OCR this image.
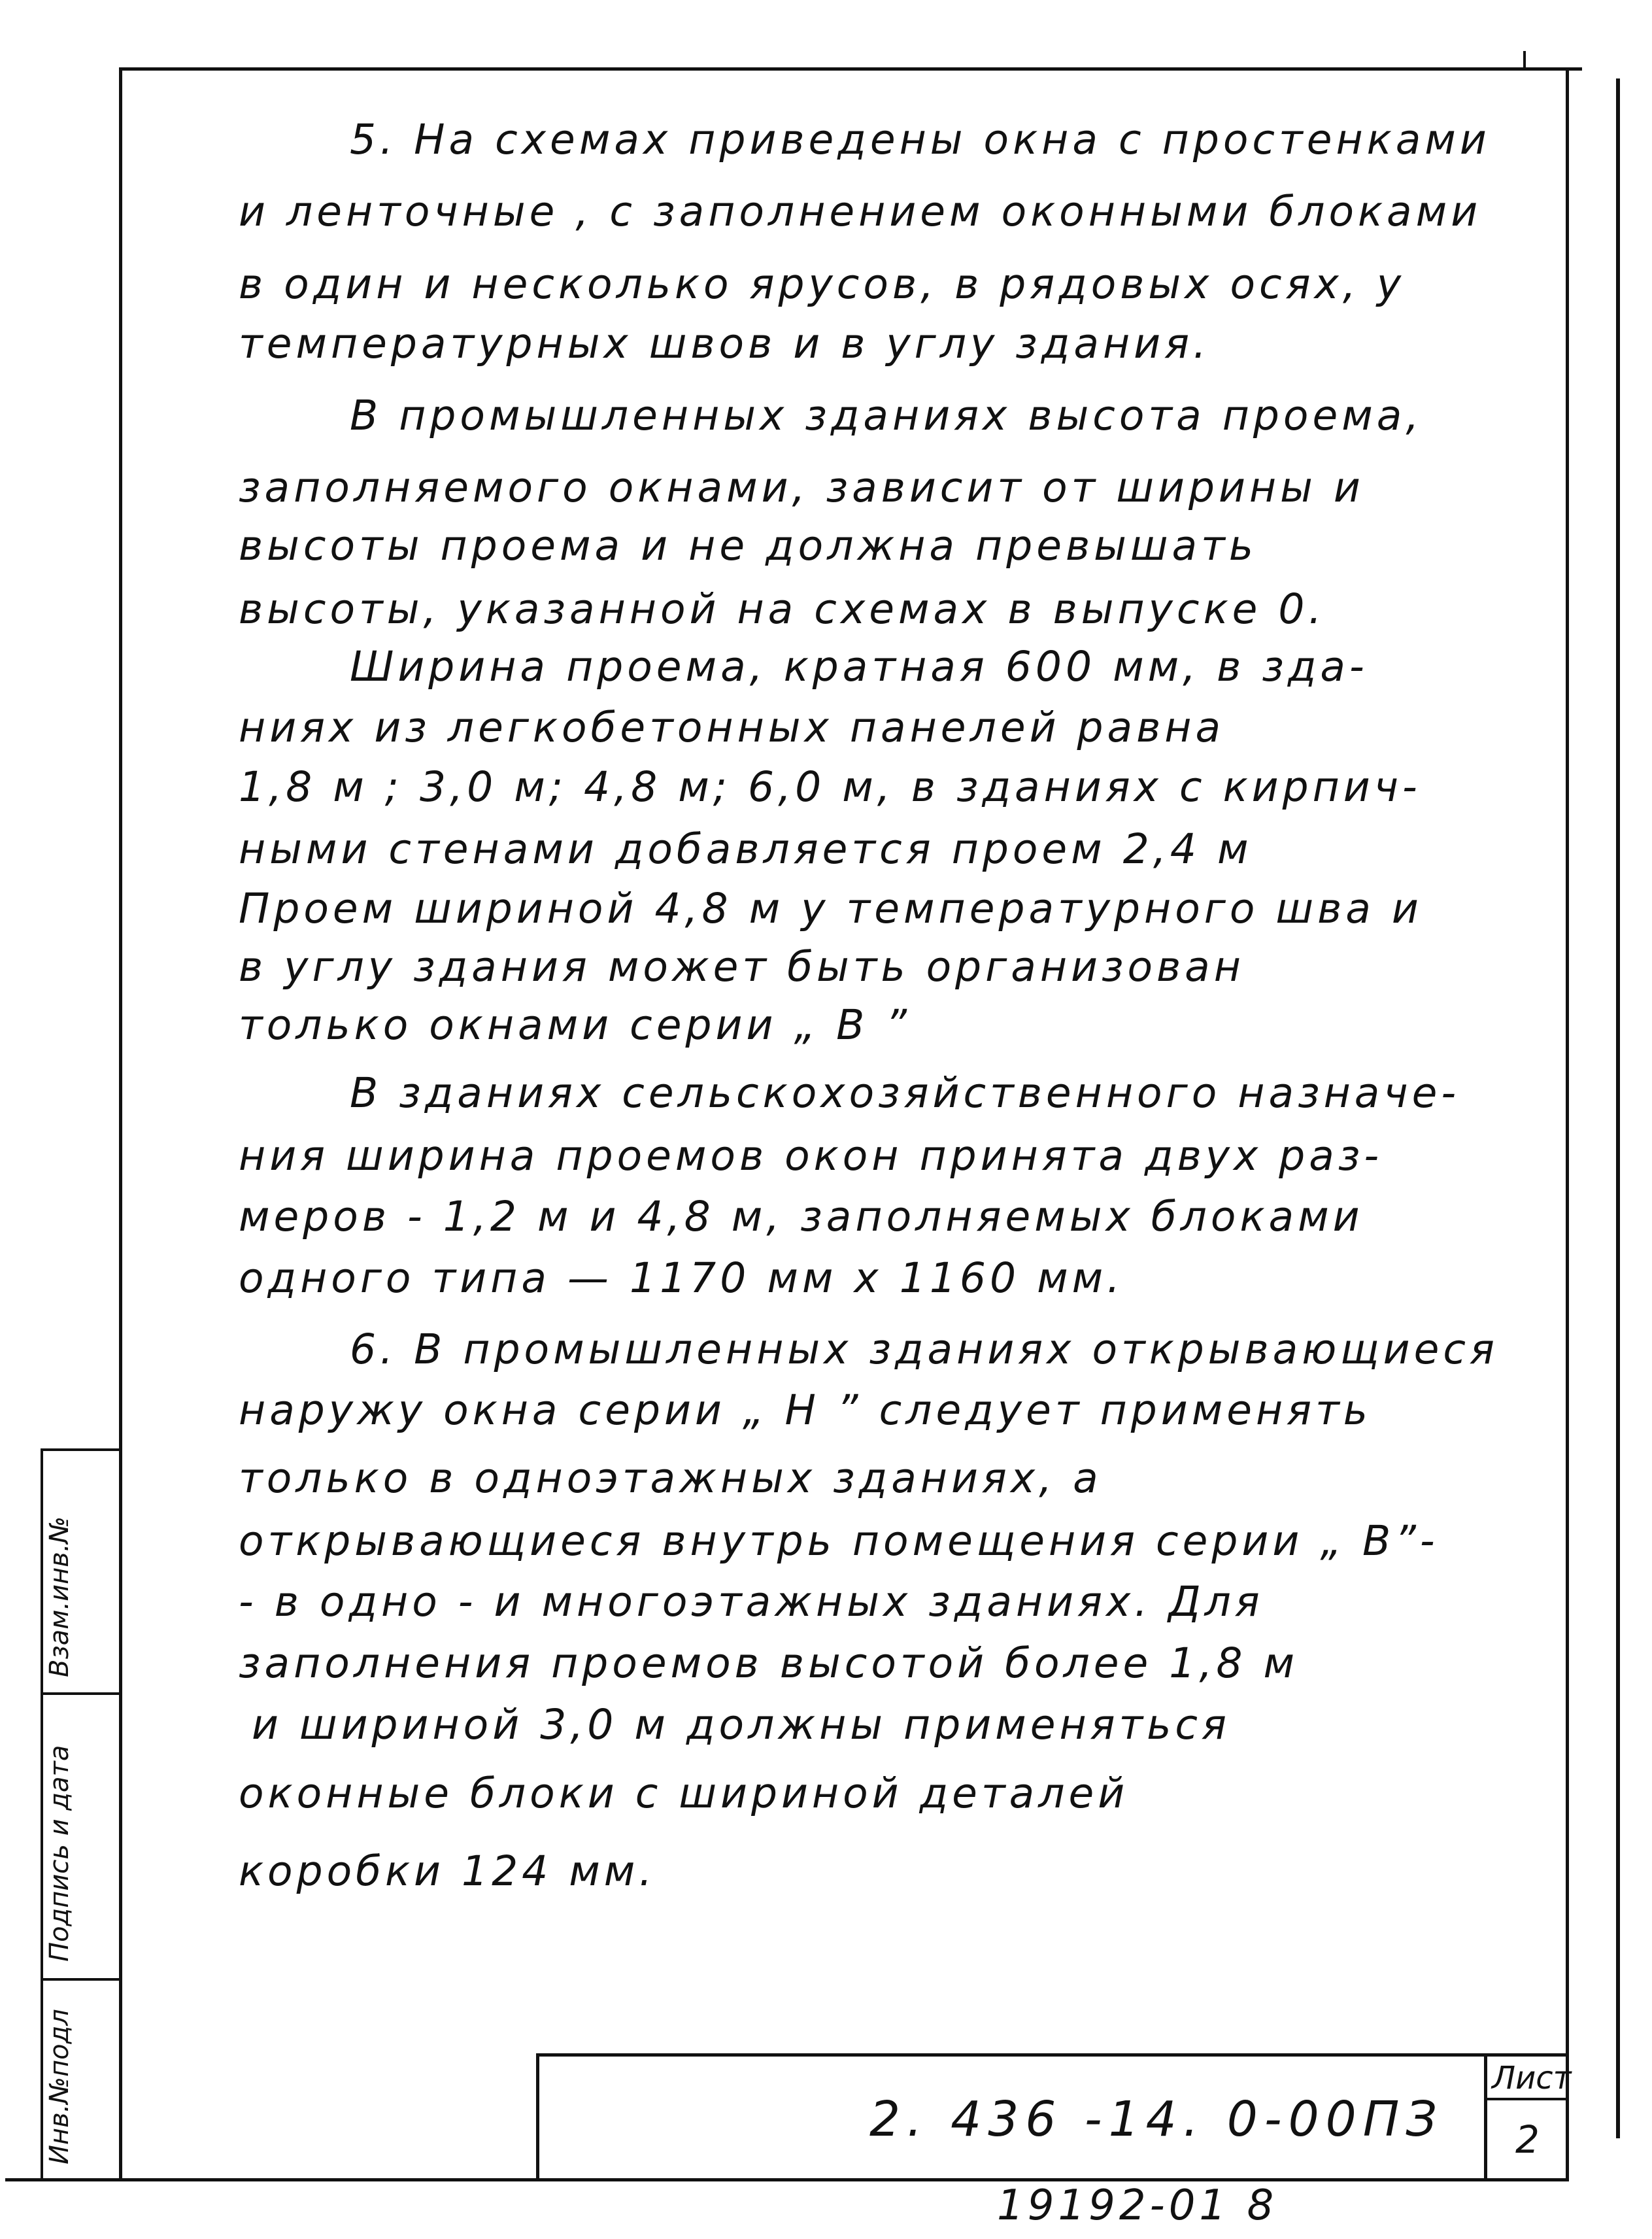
Взам.инв.№
Подпись и дата
Инв.№подл
5. На схемах приведены окна с простенками
и ленточные , с заполнением оконными блоками
в один и несколько ярусов, в рядовых осях, у
температурных швов и в углу здания.
В промышленных зданиях высота проема,
заполняемого окнами, зависит от ширины и
высоты проема и не должна превышать
высоты, указанной на схемах в выпуске 0.
Ширина проема, кратная 600 мм, в зда-
ниях из легкобетонных панелей равна
1,8 м ; 3,0 м; 4,8 м; 6,0 м, в зданиях с кирпич-
ными стенами добавляется проем 2,4 м
Проем шириной 4,8 м у температурного шва и
в углу здания может быть организован
только окнами серии „ В ”
В зданиях сельскохозяйственного назначе-
ния ширина проемов окон принята двух раз-
меров - 1,2 м и 4,8 м, заполняемых блоками
одного типа — 1170 мм х 1160 мм.
6. В промышленных зданиях открывающиеся
наружу окна серии „ Н ” следует применять
только в одноэтажных зданиях, а
открывающиеся внутрь помещения серии „ В”-
- в одно - и многоэтажных зданиях. Для
заполнения проемов высотой более 1,8 м
и шириной 3,0 м должны применяться
оконные блоки с шириной деталей
коробки 124 мм.
2. 436 -14. 0-00ПЗ
Лист
2
19192-01 8
